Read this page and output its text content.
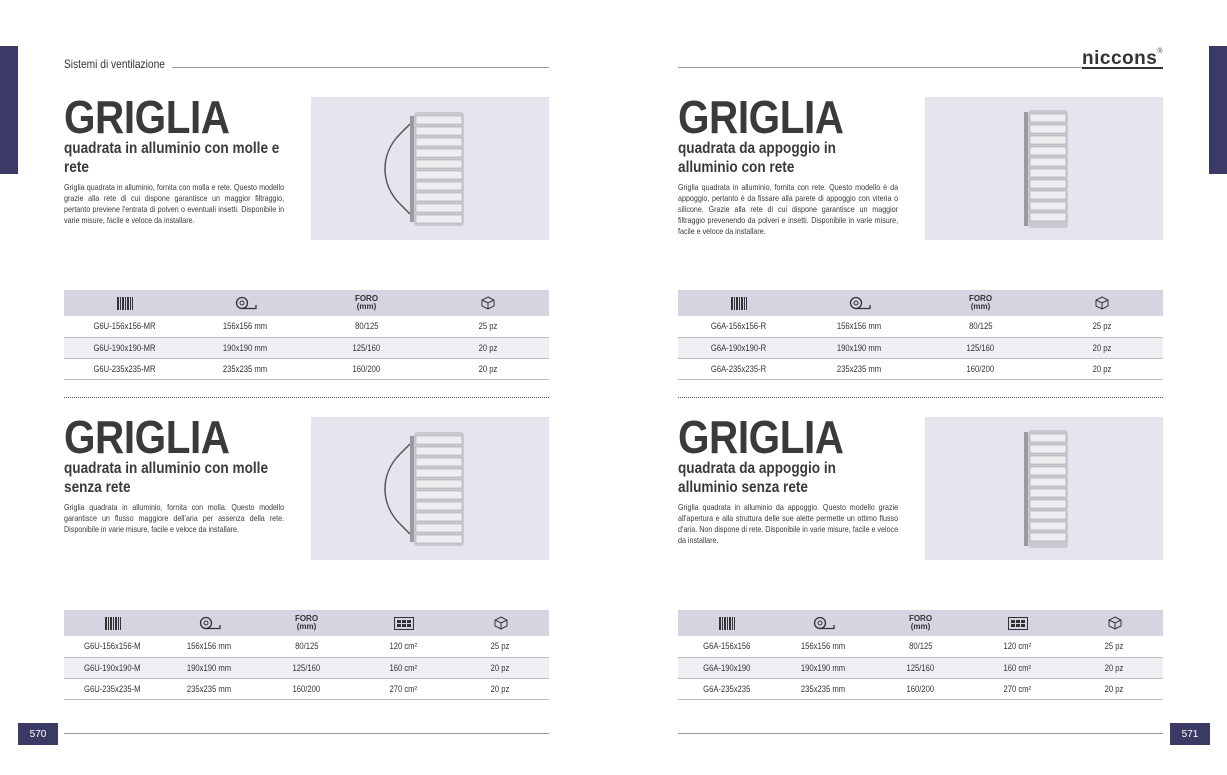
Sistemi di ventilazione	niccons®
GRIGLIA
quadrata in alluminio con molle e rete
Griglia quadrata in alluminio, fornita con molla e rete. Questo modello grazie alla rete di cui dispone garantisce un maggior filtraggio, pertanto previene l'entrata di polveri o eventuali insetti. Disponibile in varie misure, facile e veloce da installare.
GRIGLIA
quadrata da appoggio in alluminio con rete
Griglia quadrata in alluminio, fornita con rete. Questo modello è da appoggio, pertanto è da fissare alla parete di appoggio con viteria o silicone. Grazie alla rete di cui dispone garantisce un maggior filtraggio prevenendo da polveri e insetti. Disponibile in varie misure, facile e veloce da installare.
		FORO
(mm)	
G6U-156x156-MR	156x156 mm	80/125	25 pz
G6U-190x190-MR	190x190 mm	125/160	20 pz
G6U-235x235-MR	235x235 mm	160/200	20 pz
		FORO
(mm)	
G6A-156x156-R	156x156 mm	80/125	25 pz
G6A-190x190-R	190x190 mm	125/160	20 pz
G6A-235x235-R	235x235 mm	160/200	20 pz
GRIGLIA
quadrata in alluminio con molle senza rete
Griglia quadrata in alluminio, fornita con molla. Questo modello garantisce un flusso maggiore dell'aria per assenza della rete. Disponibile in varie misure, facile e veloce da installare.
GRIGLIA
quadrata da appoggio in alluminio senza rete
Griglia quadrata in alluminio da appoggio. Questo modello grazie all'apertura e alla struttura delle sue alette permette un ottimo flusso d'aria. Non dispone di rete. Disponibile in varie misure, facile e veloce da installare.
		FORO
(mm)		
G6U-156x156-M	156x156 mm	80/125	120 cm²	25 pz
G6U-190x190-M	190x190 mm	125/160	160 cm²	20 pz
G6U-235x235-M	235x235 mm	160/200	270 cm²	20 pz
		FORO
(mm)		
G6A-156x156	156x156 mm	80/125	120 cm²	25 pz
G6A-190x190	190x190 mm	125/160	160 cm²	20 pz
G6A-235x235	235x235 mm	160/200	270 cm²	20 pz
570	571
